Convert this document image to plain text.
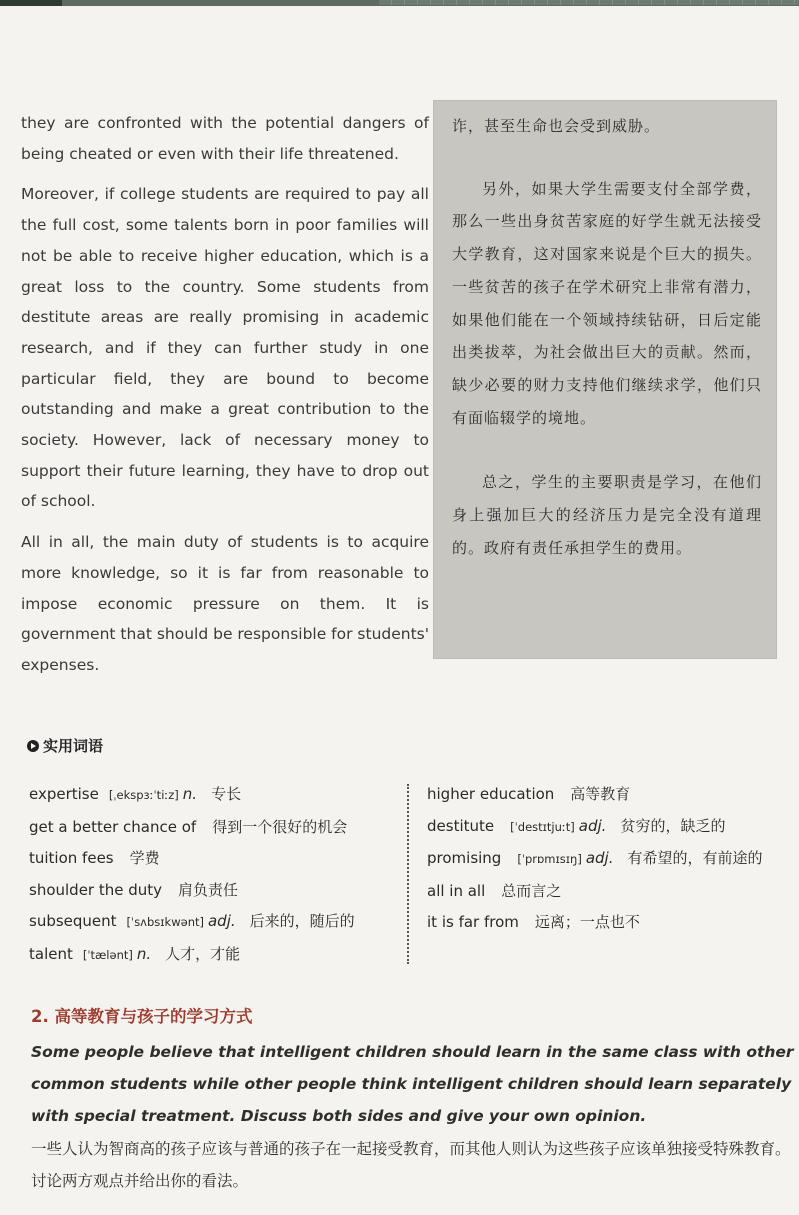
they are confronted with the potential dangers of being cheated or even with their life threatened.

Moreover, if college students are required to pay all the full cost, some talents born in poor families will not be able to receive higher education, which is a great loss to the country. Some students from destitute areas are really promising in academic research, and if they can further study in one particular field, they are bound to become outstanding and make a great contribution to the society. However, lack of necessary money to support their future learning, they have to drop out of school.

All in all, the main duty of students is to acquire more knowledge, so it is far from reasonable to impose economic pressure on them. It is government that should be responsible for students' expenses.

诈，甚至生命也会受到威胁。

另外，如果大学生需要支付全部学费，那么一些出身贫苦家庭的好学生就无法接受大学教育，这对国家来说是个巨大的损失。一些贫苦的孩子在学术研究上非常有潜力，如果他们能在一个领域持续钻研，日后定能出类拔萃，为社会做出巨大的贡献。然而，缺少必要的财力支持他们继续求学，他们只有面临辍学的境地。

总之，学生的主要职责是学习，在他们身上强加巨大的经济压力是完全没有道理的。政府有责任承担学生的费用。

实用词语
expertise [ˌekspɜːˈtiːz] n. 专长
get a better chance of 得到一个很好的机会
tuition fees 学费
shoulder the duty 肩负责任
subsequent [ˈsʌbsɪkwənt] adj. 后来的，随后的
talent [ˈtælənt] n. 人才，才能
higher education 高等教育
destitute [ˈdestɪtjuːt] adj. 贫穷的，缺乏的
promising [ˈprɒmɪsɪŋ] adj. 有希望的，有前途的
all in all 总而言之
it is far from 远离；一点也不
2. 高等教育与孩子的学习方式
Some people believe that intelligent children should learn in the same class with other common students while other people think intelligent children should learn separately with special treatment. Discuss both sides and give your own opinion.
一些人认为智商高的孩子应该与普通的孩子在一起接受教育，而其他人则认为这些孩子应该单独接受特殊教育。讨论两方观点并给出你的看法。
